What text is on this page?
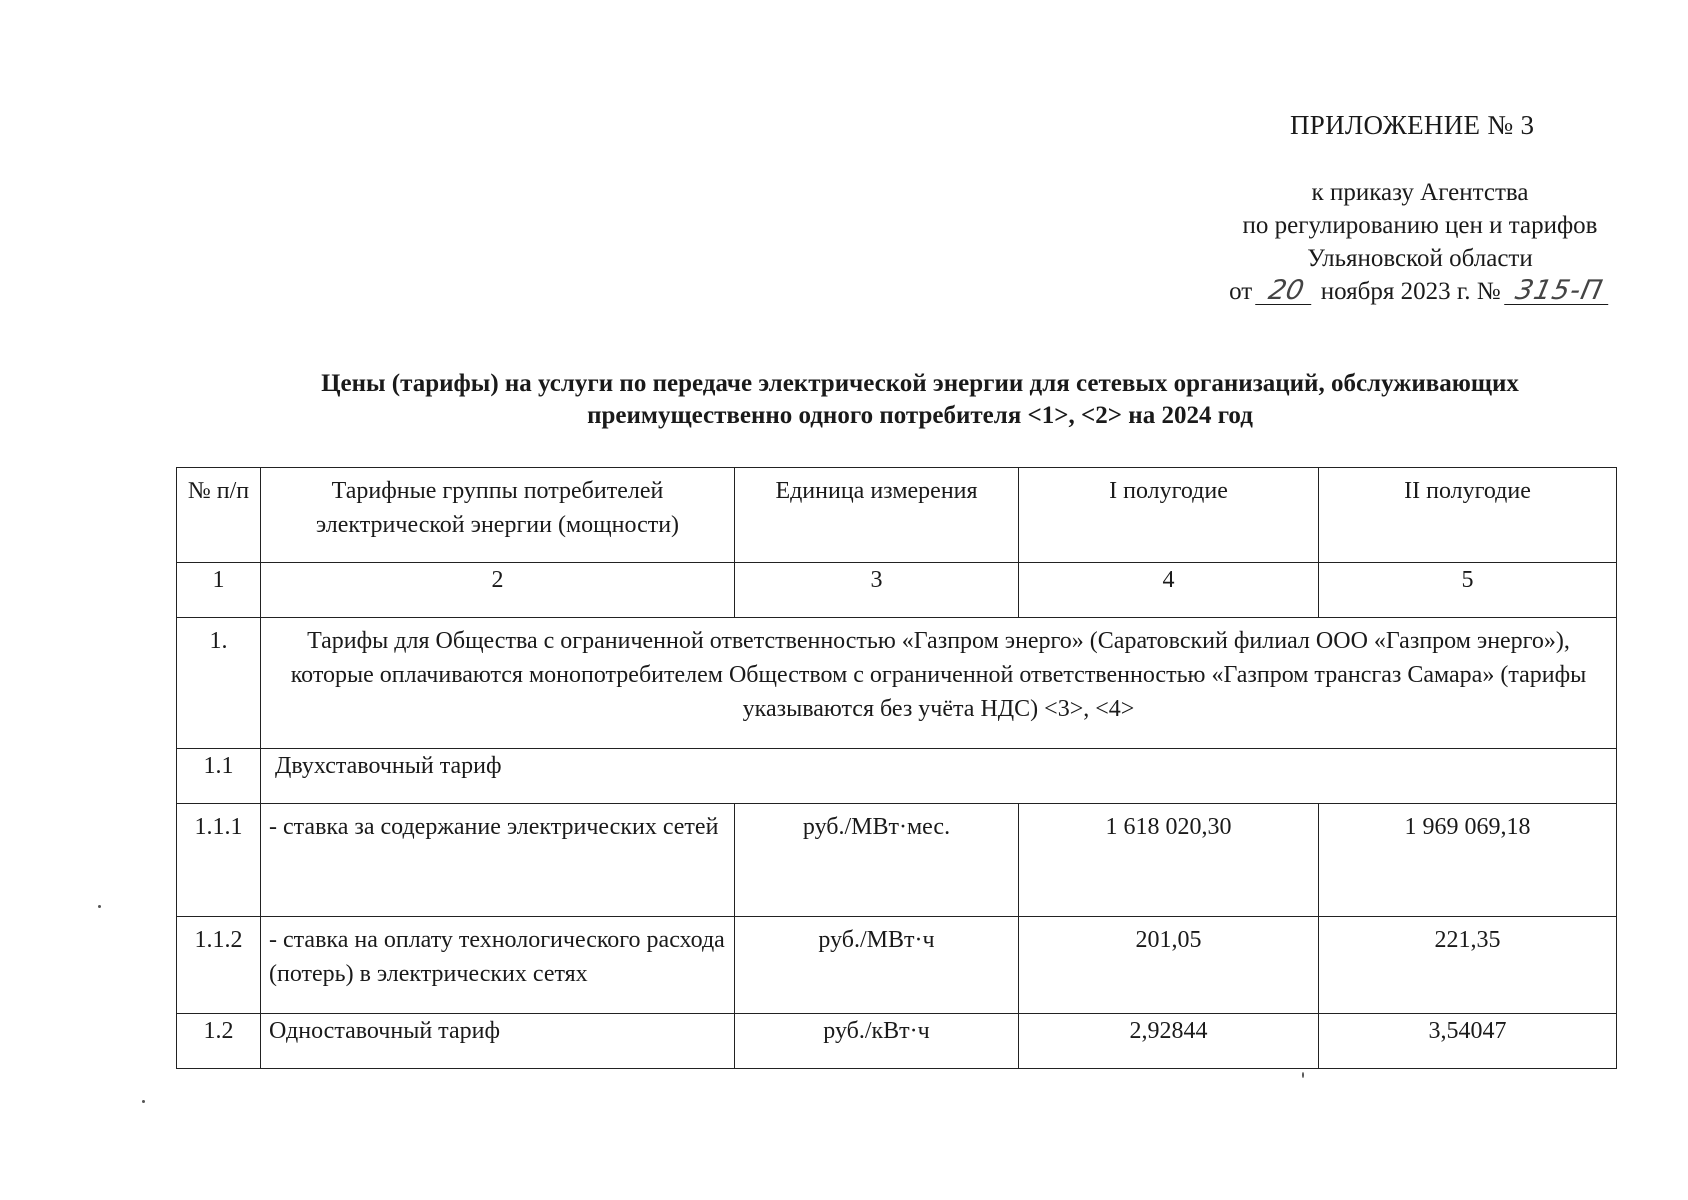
ПРИЛОЖЕНИЕ № 3
к приказу Агентства
по регулированию цен и тарифов
Ульяновской области
от 20 ноября 2023 г. № 315-П
Цены (тарифы) на услуги по передаче электрической энергии для сетевых организаций, обслуживающих
преимущественно одного потребителя <1>, <2> на 2024 год
№ п/п	Тарифные группы потребителей электрической энергии (мощности)	Единица измерения	I полугодие	II полугодие

1	2	3	4	5
1.	Тарифы для Общества с ограниченной ответственностью «Газпром энерго» (Саратовский филиал ООО «Газпром энерго»), которые оплачиваются монопотребителем Обществом с ограниченной ответственностью «Газпром трансгаз Самара» (тарифы указываются без учёта НДС) <3>, <4>			
1.1	Двухставочный тариф			
1.1.1	- ставка за содержание электрических сетей	руб./МВт·мес.	1 618 020,30	1 969 069,18
1.1.2	- ставка на оплату технологического расхода (потерь) в электрических сетях	руб./МВт·ч	201,05	221,35
1.2	Одноставочный тариф	руб./кВт·ч	2,92844	3,54047
